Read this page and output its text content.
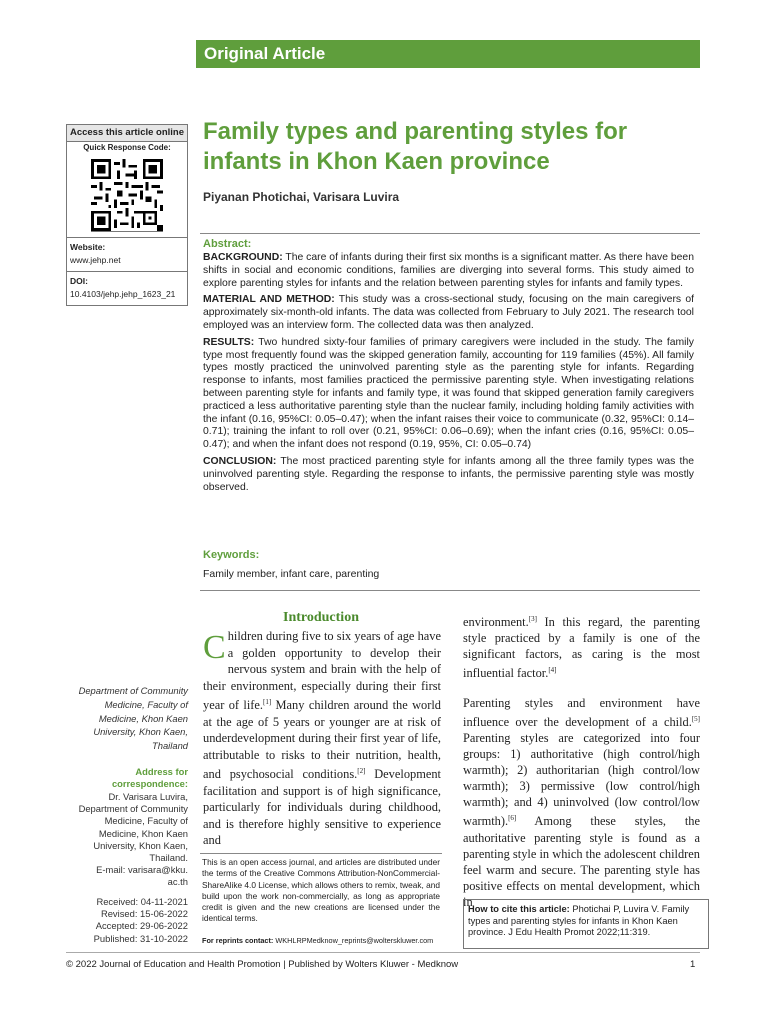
Original Article
Access this article online
Quick Response Code:
Website:
www.jehp.net
DOI:
10.4103/jehp.jehp_1623_21
Family types and parenting styles for infants in Khon Kaen province
Piyanan Photichai, Varisara Luvira
Abstract:

BACKGROUND: The care of infants during their first six months is a significant matter. As there have been shifts in social and economic conditions, families are diverging into several forms. This study aimed to explore parenting styles for infants and the relation between parenting styles for infants and family types.

MATERIAL AND METHOD: This study was a cross-sectional study, focusing on the main caregivers of approximately six-month-old infants. The data was collected from February to July 2021. The research tool employed was an interview form. The collected data was then analyzed.

RESULTS: Two hundred sixty-four families of primary caregivers were included in the study. The family type most frequently found was the skipped generation family, accounting for 119 families (45%). All family types mostly practiced the uninvolved parenting style as the parenting style for infants. Regarding response to infants, most families practiced the permissive parenting style. When investigating relations between parenting style for infants and family type, it was found that skipped generation family caregivers practiced a less authoritative parenting style than the nuclear family, including holding family activities with the infant (0.16, 95%CI: 0.05–0.47); when the infant raises their voice to communicate (0.32, 95%CI: 0.14–0.71); training the infant to roll over (0.21, 95%CI: 0.06–0.69); when the infant cries (0.16, 95%CI: 0.05–0.47); and when the infant does not respond (0.19, 95%, CI: 0.05–0.74)

CONCLUSION: The most practiced parenting style for infants among all the three family types was the uninvolved parenting style. Regarding the response to infants, the permissive parenting style was mostly observed.

Keywords:
Family member, infant care, parenting
Introduction

Children during five to six years of age have a golden opportunity to develop their nervous system and brain with the help of their environment, especially during their first year of life.[1] Many children around the world at the age of 5 years or younger are at risk of underdevelopment during their first year of life, attributable to risks to their nutrition, health, and psychosocial conditions.[2] Development facilitation and support is of high significance, particularly for individuals during childhood, and is therefore highly sensitive to experience and

environment.[3] In this regard, the parenting style practiced by a family is one of the significant factors, as caring is the most influential factor.[4]

Parenting styles and environment have influence over the development of a child.[5] Parenting styles are categorized into four groups: 1) authoritative (high control/high warmth); 2) authoritarian (high control/low warmth); 3) permissive (low control/high warmth); and 4) uninvolved (low control/low warmth).[6] Among these styles, the authoritative parenting style is found as a parenting style in which the adolescent children feel warm and secure. The parenting style has positive effects on mental development, which in

This is an open access journal, and articles are distributed under the terms of the Creative Commons Attribution-NonCommercial-ShareAlike 4.0 License, which allows others to remix, tweak, and build upon the work non-commercially, as long as appropriate credit is given and the new creations are licensed under the identical terms.
For reprints contact: WKHLRPMedknow_reprints@wolterskluwer.com
How to cite this article: Photichai P, Luvira V. Family types and parenting styles for infants in Khon Kaen province. J Edu Health Promot 2022;11:319.
Department of Community Medicine, Faculty of Medicine, Khon Kaen University, Khon Kaen, Thailand
Address for correspondence:
Dr. Varisara Luvira,
Department of Community
Medicine, Faculty of
Medicine, Khon Kaen
University, Khon Kaen,
Thailand.
E-mail: varisara@kku.
ac.th
Received: 04-11-2021
Revised: 15-06-2022
Accepted: 29-06-2022
Published: 31-10-2022
© 2022 Journal of Education and Health Promotion | Published by Wolters Kluwer - Medknow	1
